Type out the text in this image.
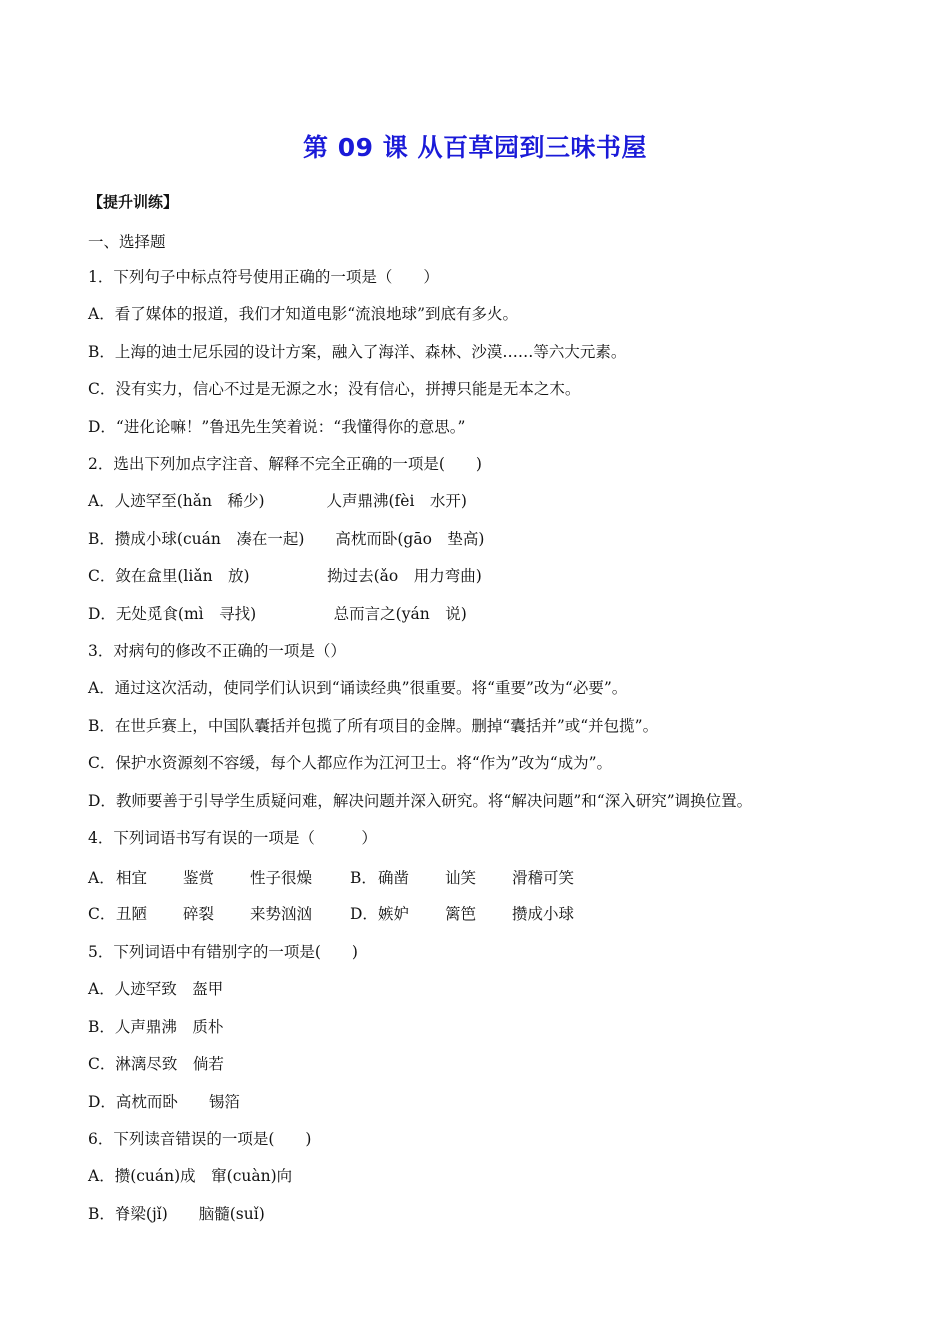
第 09 课 从百草园到三味书屋
【提升训练】
一、选择题
1．下列句子中标点符号使用正确的一项是（　　）
A．看了媒体的报道，我们才知道电影“流浪地球”到底有多火。
B．上海的迪士尼乐园的设计方案，融入了海洋、森林、沙漠……等六大元素。
C．没有实力，信心不过是无源之水；没有信心，拼搏只能是无本之木。
D．“进化论嘛！”鲁迅先生笑着说：“我懂得你的意思。”
2．选出下列加点字注音、解释不完全正确的一项是(　　)
A．人迹罕至(hǎn　稀少)　　　　人声鼎沸(fèi　水开)
B．攒成小球(cuán　凑在一起)　　高枕而卧(gāo　垫高)
C．敛在盒里(liǎn　放)　　　　　拗过去(ǎo　用力弯曲)
D．无处觅食(mì　寻找)　　　　　总而言之(yán　说)
3．对病句的修改不正确的一项是（）
A．通过这次活动，使同学们认识到“诵读经典”很重要。将“重要”改为“必要”。
B．在世乒赛上，中国队囊括并包揽了所有项目的金牌。删掉“囊括并”或“并包揽”。
C．保护水资源刻不容缓，每个人都应作为江河卫士。将“作为”改为“成为”。
D．教师要善于引导学生质疑问难，解决问题并深入研究。将“解决问题”和“深入研究”调换位置。
4．下列词语书写有误的一项是（　　　）
A． 相宜 鉴赏 性子很燥 B． 确凿 讪笑 滑稽可笑
C． 丑陋 碎裂 来势汹汹 D． 嫉妒 篱笆 攒成小球
5．下列词语中有错别字的一项是(　　)
A．人迹罕致　盔甲
B．人声鼎沸　质朴
C．淋漓尽致　倘若
D．高枕而卧　　锡箔
6．下列读音错误的一项是(　　)
A．攒(cuán)成　窜(cuàn)向
B．脊梁(jǐ)　　脑髓(suǐ)
